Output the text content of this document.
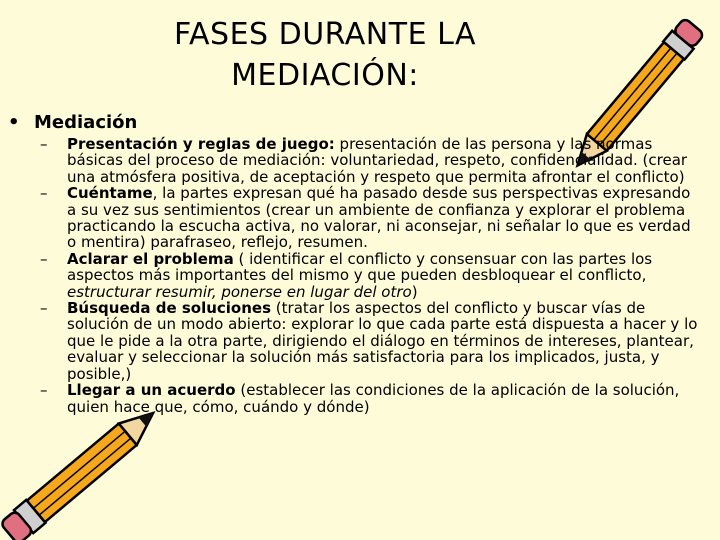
FASES DURANTE LA
MEDIACIÓN:
• Mediación

–	Presentación y reglas de juego: presentación de las persona y las normas básicas del proceso de mediación: voluntariedad, respeto, confidencialidad. (crear una atmósfera positiva, de aceptación y respeto que permita afrontar el conflicto)

–	Cuéntame, la partes expresan qué ha pasado desde sus perspectivas expresando a su vez sus sentimientos (crear un ambiente de confianza y explorar el problema practicando la escucha activa, no valorar, ni aconsejar, ni señalar lo que es verdad o mentira) parafraseo, reflejo, resumen.

–	Aclarar el problema ( identificar el conflicto y consensuar con las partes los aspectos más importantes del mismo y que pueden desbloquear el conflicto, estructurar resumir, ponerse en lugar del otro)

–	Búsqueda de soluciones (tratar los aspectos del conflicto y buscar vías de solución de un modo abierto: explorar lo que cada parte está dispuesta a hacer y lo que le pide a la otra parte, dirigiendo el diálogo en términos de intereses, plantear, evaluar y seleccionar la solución más satisfactoria para los implicados, justa, y posible,)

–	Llegar a un acuerdo (establecer las condiciones de la aplicación de la solución, quien hace que, cómo, cuándo y dónde)
